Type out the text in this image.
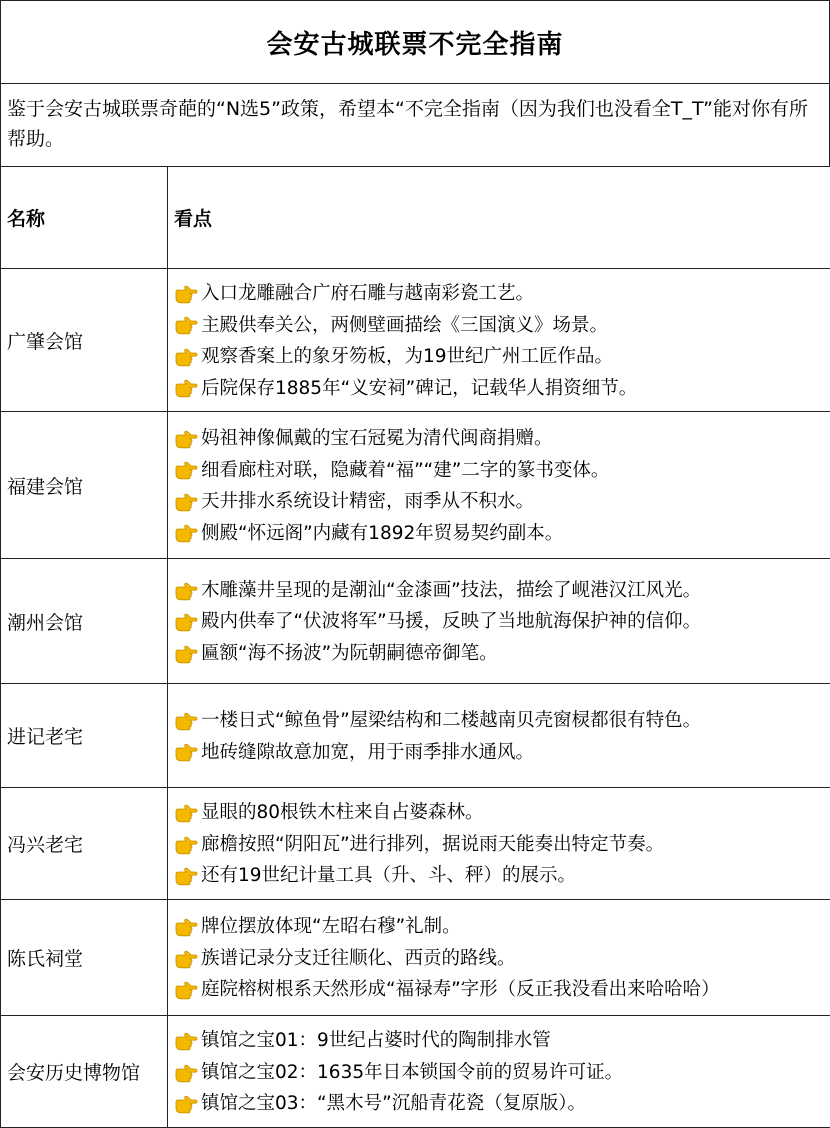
会安古城联票不完全指南
鉴于会安古城联票奇葩的“N选5”政策，希望本“不完全指南（因为我们也没看全T_T”能对你有所帮助。
名称	看点
广肇会馆	入口龙雕融合广府石雕与越南彩瓷工艺。
主殿供奉关公，两侧壁画描绘《三国演义》场景。
观察香案上的象牙笏板，为19世纪广州工匠作品。
后院保存1885年“义安祠”碑记，记载华人捐资细节。

福建会馆	妈祖神像佩戴的宝石冠冕为清代闽商捐赠。
细看廊柱对联，隐藏着“福”“建”二字的篆书变体。
天井排水系统设计精密，雨季从不积水。
侧殿“怀远阁”内藏有1892年贸易契约副本。

潮州会馆	木雕藻井呈现的是潮汕“金漆画”技法，描绘了岘港汉江风光。
殿内供奉了“伏波将军”马援，反映了当地航海保护神的信仰。
匾额“海不扬波”为阮朝嗣德帝御笔。

进记老宅	一楼日式“鲸鱼骨”屋梁结构和二楼越南贝壳窗棂都很有特色。
地砖缝隙故意加宽，用于雨季排水通风。

冯兴老宅	显眼的80根铁木柱来自占婆森林。
廊檐按照“阴阳瓦”进行排列，据说雨天能奏出特定节奏。
还有19世纪计量工具（升、斗、秤）的展示。

陈氏祠堂	牌位摆放体现“左昭右穆”礼制。
族谱记录分支迁往顺化、西贡的路线。
庭院榕树根系天然形成“福禄寿”字形（反正我没看出来哈哈哈）

会安历史博物馆	镇馆之宝01：9世纪占婆时代的陶制排水管
镇馆之宝02：1635年日本锁国令前的贸易许可证。
镇馆之宝03：“黑木号”沉船青花瓷（复原版）。
